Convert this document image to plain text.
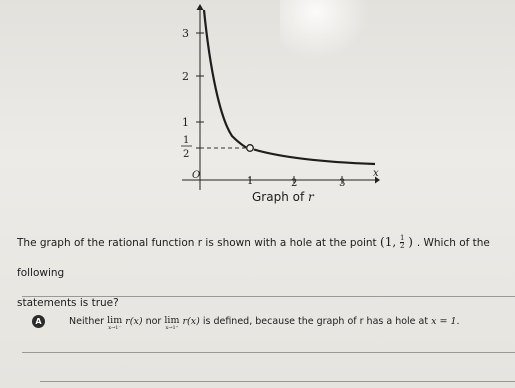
3
2
1
1
2
1	2	3
O	x
Graph of r
The graph of the rational function r is shown with a hole at the point (1, $\frac{1}{2}$ ) . Which of the following
statements is true?
A	Neither lim
x→1⁻
r(x) nor lim
x→1⁺
r(x) is defined, because the graph of r has a hole at x = 1.
